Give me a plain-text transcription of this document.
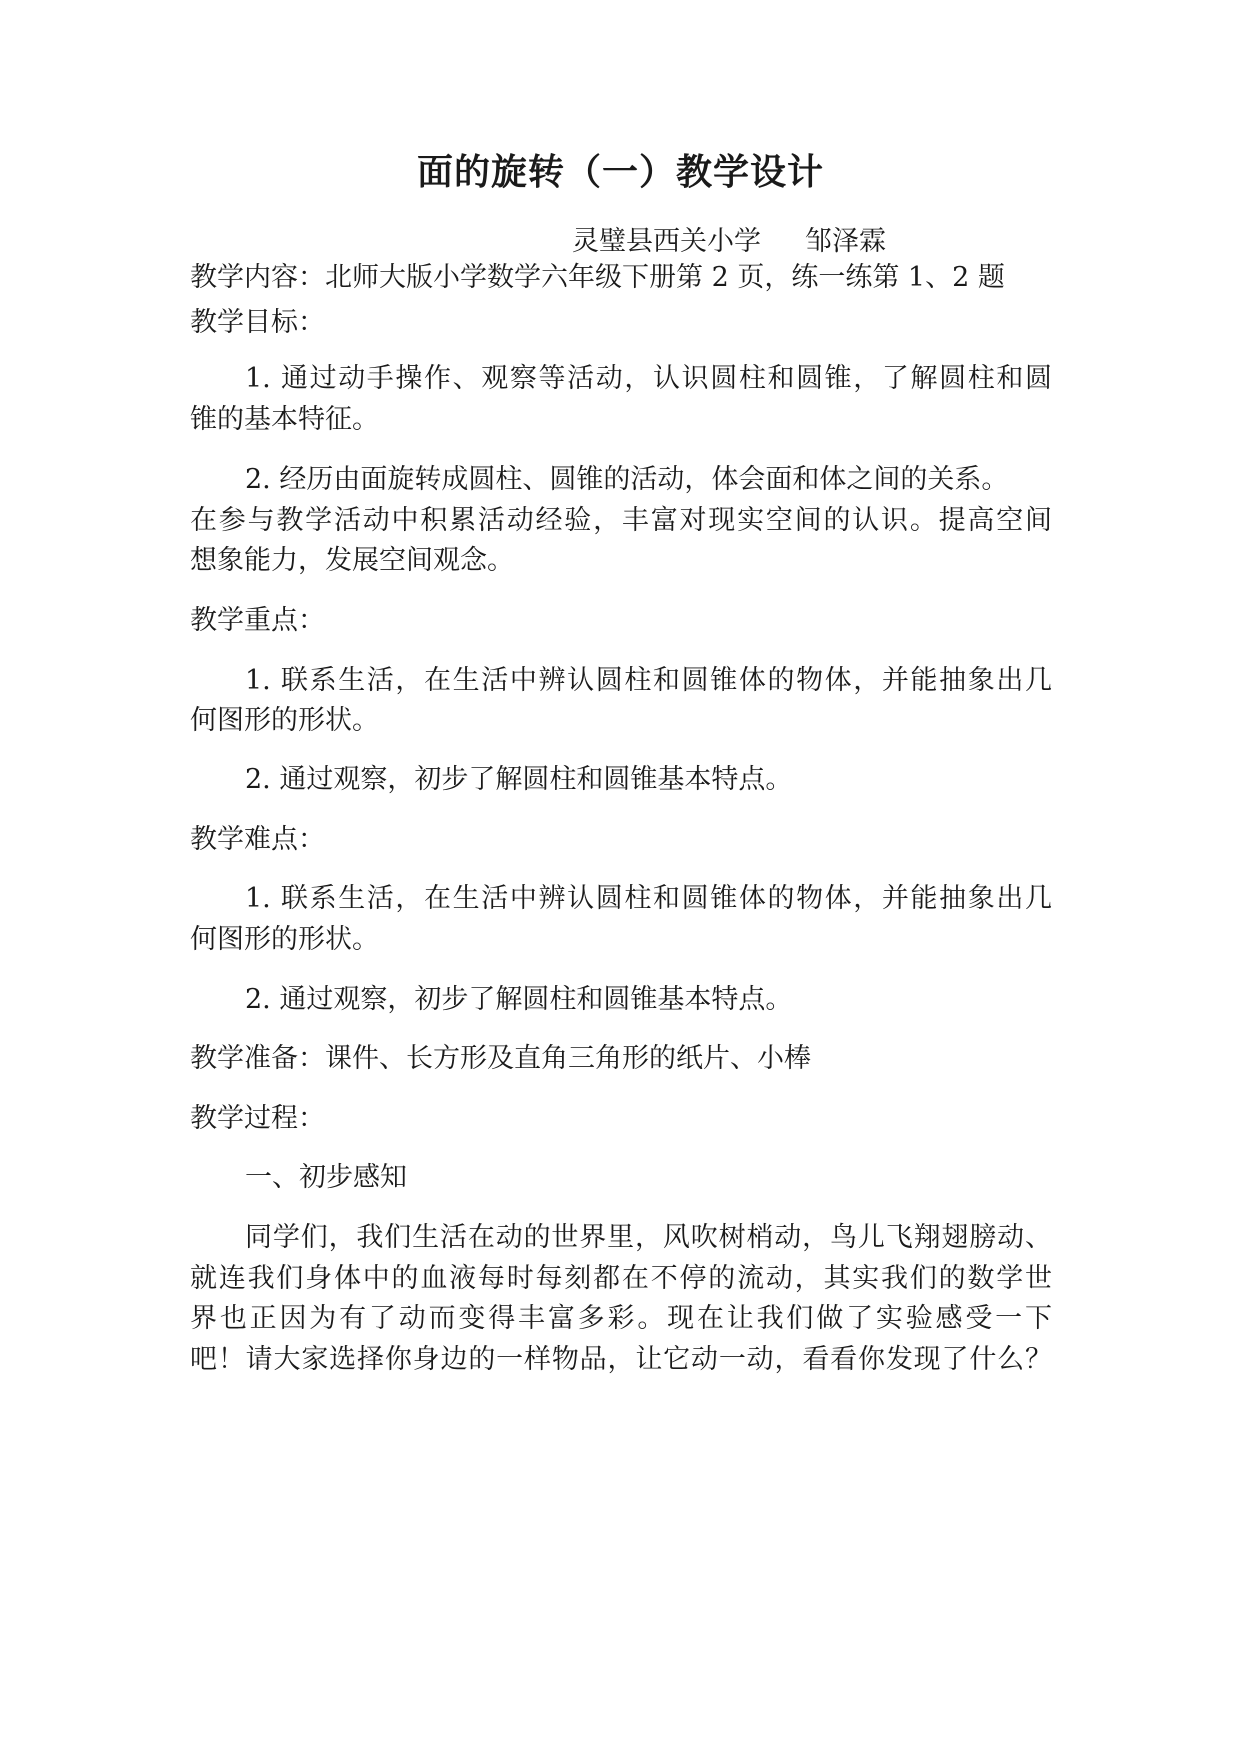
面的旋转（一）教学设计
灵璧县西关小学 邹泽霖

教学内容：北师大版小学数学六年级下册第 2 页，练一练第 1、2 题

教学目标：

1. 通过动手操作、观察等活动，认识圆柱和圆锥，了解圆柱和圆

锥的基本特征。

2. 经历由面旋转成圆柱、圆锥的活动，体会面和体之间的关系。

在参与教学活动中积累活动经验，丰富对现实空间的认识。提高空间

想象能力，发展空间观念。

教学重点：

1. 联系生活，在生活中辨认圆柱和圆锥体的物体，并能抽象出几

何图形的形状。

2. 通过观察，初步了解圆柱和圆锥基本特点。

教学难点：

1. 联系生活，在生活中辨认圆柱和圆锥体的物体，并能抽象出几

何图形的形状。

2. 通过观察，初步了解圆柱和圆锥基本特点。

教学准备：课件、长方形及直角三角形的纸片、小棒

教学过程：

一、初步感知

同学们，我们生活在动的世界里，风吹树梢动，鸟儿飞翔翅膀动、

就连我们身体中的血液每时每刻都在不停的流动，其实我们的数学世

界也正因为有了动而变得丰富多彩。现在让我们做了实验感受一下

吧！请大家选择你身边的一样物品，让它动一动，看看你发现了什么？
